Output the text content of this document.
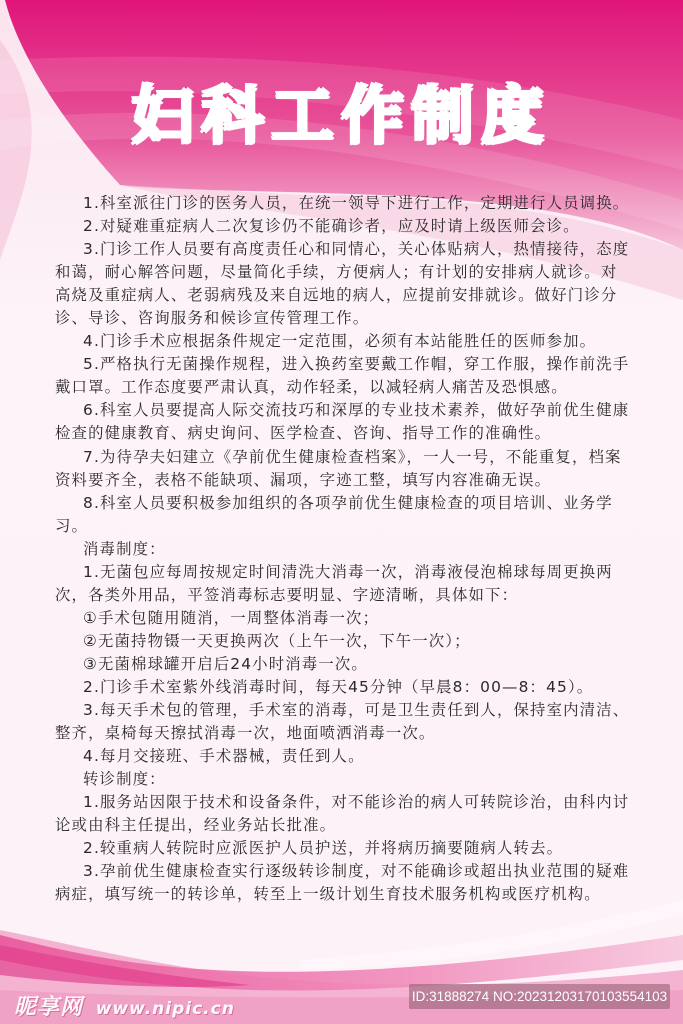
妇科工作制度
1.科室派往门诊的医务人员，在统一领导下进行工作，定期进行人员调换。
2.对疑难重症病人二次复诊仍不能确诊者，应及时请上级医师会诊。
3.门诊工作人员要有高度责任心和同情心，关心体贴病人，热情接待，态度
和蔼，耐心解答问题，尽量简化手续，方便病人；有计划的安排病人就诊。对
高烧及重症病人、老弱病残及来自远地的病人，应提前安排就诊。做好门诊分
诊、导诊、咨询服务和候诊宣传管理工作。
4.门诊手术应根据条件规定一定范围，必须有本站能胜任的医师参加。
5.严格执行无菌操作规程，进入换药室要戴工作帽，穿工作服，操作前洗手
戴口罩。工作态度要严肃认真，动作轻柔，以减轻病人痛苦及恐惧感。
6.科室人员要提高人际交流技巧和深厚的专业技术素养，做好孕前优生健康
检查的健康教育、病史询问、医学检查、咨询、指导工作的准确性。
7.为待孕夫妇建立《孕前优生健康检查档案》，一人一号，不能重复，档案
资料要齐全，表格不能缺项、漏项，字迹工整，填写内容准确无误。
8.科室人员要积极参加组织的各项孕前优生健康检查的项目培训、业务学
习。
消毒制度：
1.无菌包应每周按规定时间清洗大消毒一次，消毒液侵泡棉球每周更换两
次，各类外用品，平签消毒标志要明显、字迹清晰，具体如下：
①手术包随用随消，一周整体消毒一次；
②无菌持物镊一天更换两次（上午一次，下午一次）；
③无菌棉球罐开启后24小时消毒一次。
2.门诊手术室紫外线消毒时间，每天45分钟（早晨8：00—8：45）。
3.每天手术包的管理，手术室的消毒，可是卫生责任到人，保持室内清洁、
整齐，桌椅每天擦拭消毒一次，地面喷洒消毒一次。
4.每月交接班、手术器械，责任到人。
转诊制度：
1.服务站因限于技术和设备条件，对不能诊治的病人可转院诊治，由科内讨
论或由科主任提出，经业务站长批准。
2.较重病人转院时应派医护人员护送，并将病历摘要随病人转去。
3.孕前优生健康检查实行逐级转诊制度，对不能确诊或超出执业范围的疑难
病症，填写统一的转诊单，转至上一级计划生育技术服务机构或医疗机构。
昵享网 www.nipic.cn
ID:31888274 NO:20231203170103554103
